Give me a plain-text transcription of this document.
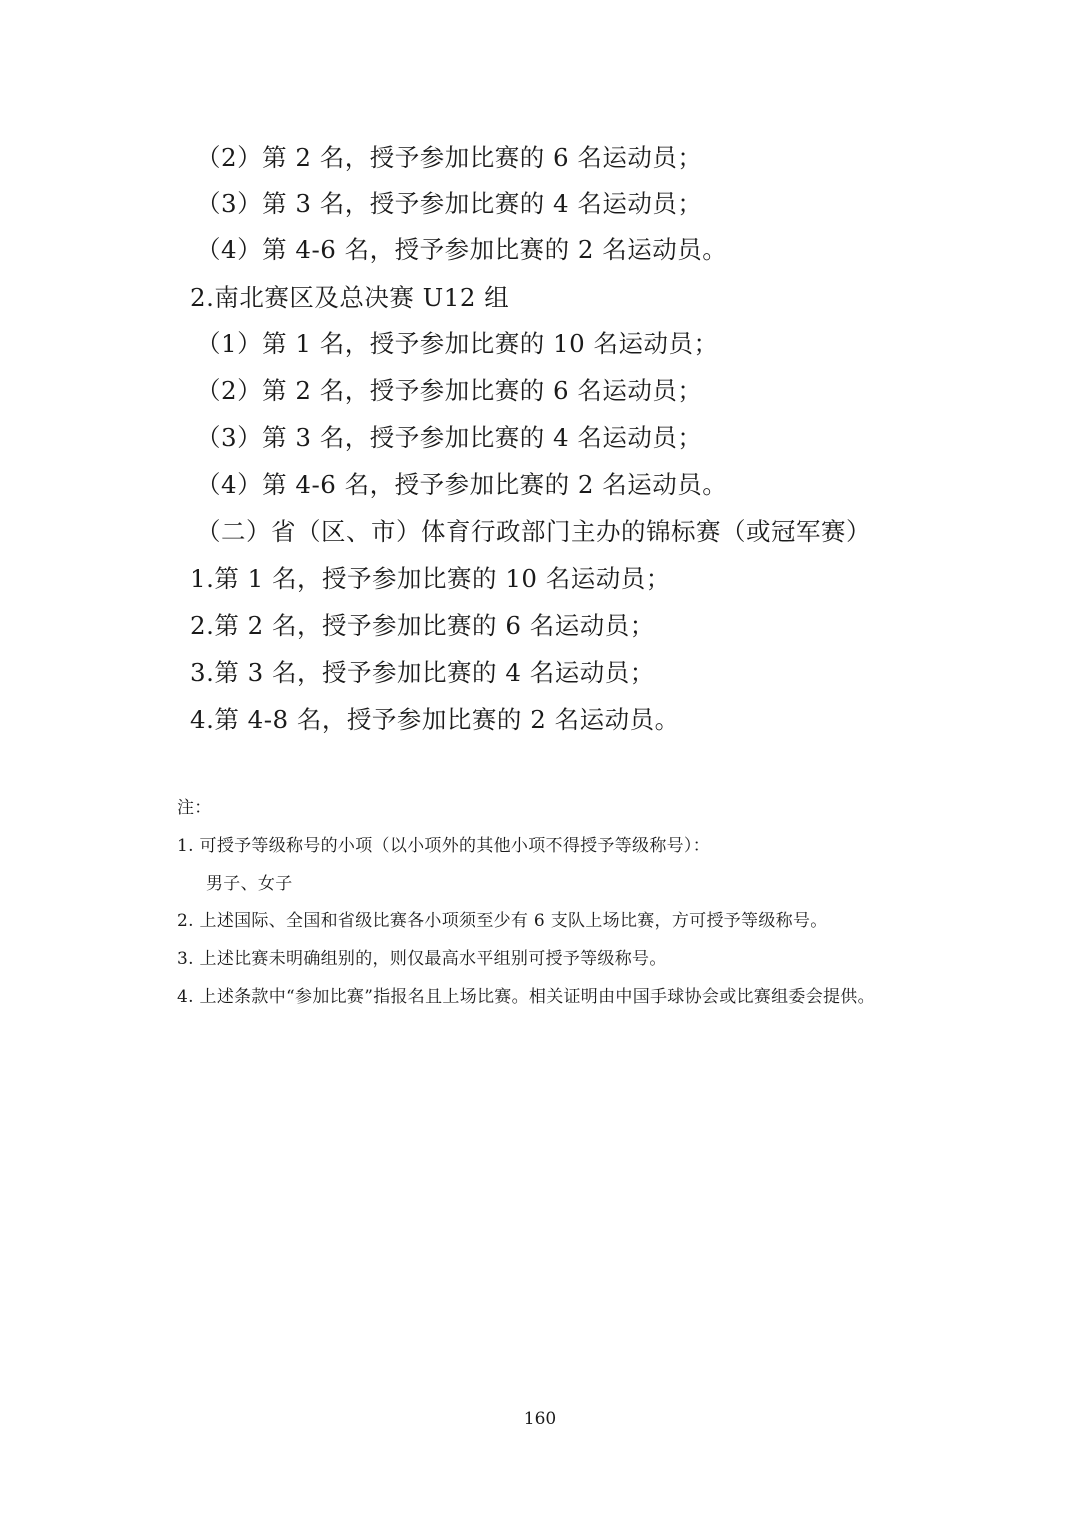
（2）第 2 名，授予参加比赛的 6 名运动员；
（3）第 3 名，授予参加比赛的 4 名运动员；
（4）第 4-6 名，授予参加比赛的 2 名运动员。
2.南北赛区及总决赛 U12 组
（1）第 1 名，授予参加比赛的 10 名运动员；
（2）第 2 名，授予参加比赛的 6 名运动员；
（3）第 3 名，授予参加比赛的 4 名运动员；
（4）第 4-6 名，授予参加比赛的 2 名运动员。
（二）省（区、市）体育行政部门主办的锦标赛（或冠军赛）
1.第 1 名，授予参加比赛的 10 名运动员；
2.第 2 名，授予参加比赛的 6 名运动员；
3.第 3 名，授予参加比赛的 4 名运动员；
4.第 4-8 名，授予参加比赛的 2 名运动员。
注：
1. 可授予等级称号的小项（以小项外的其他小项不得授予等级称号）：
男子、女子
2. 上述国际、全国和省级比赛各小项须至少有 6 支队上场比赛，方可授予等级称号。
3. 上述比赛未明确组别的，则仅最高水平组别可授予等级称号。
4. 上述条款中“参加比赛”指报名且上场比赛。相关证明由中国手球协会或比赛组委会提供。
160
